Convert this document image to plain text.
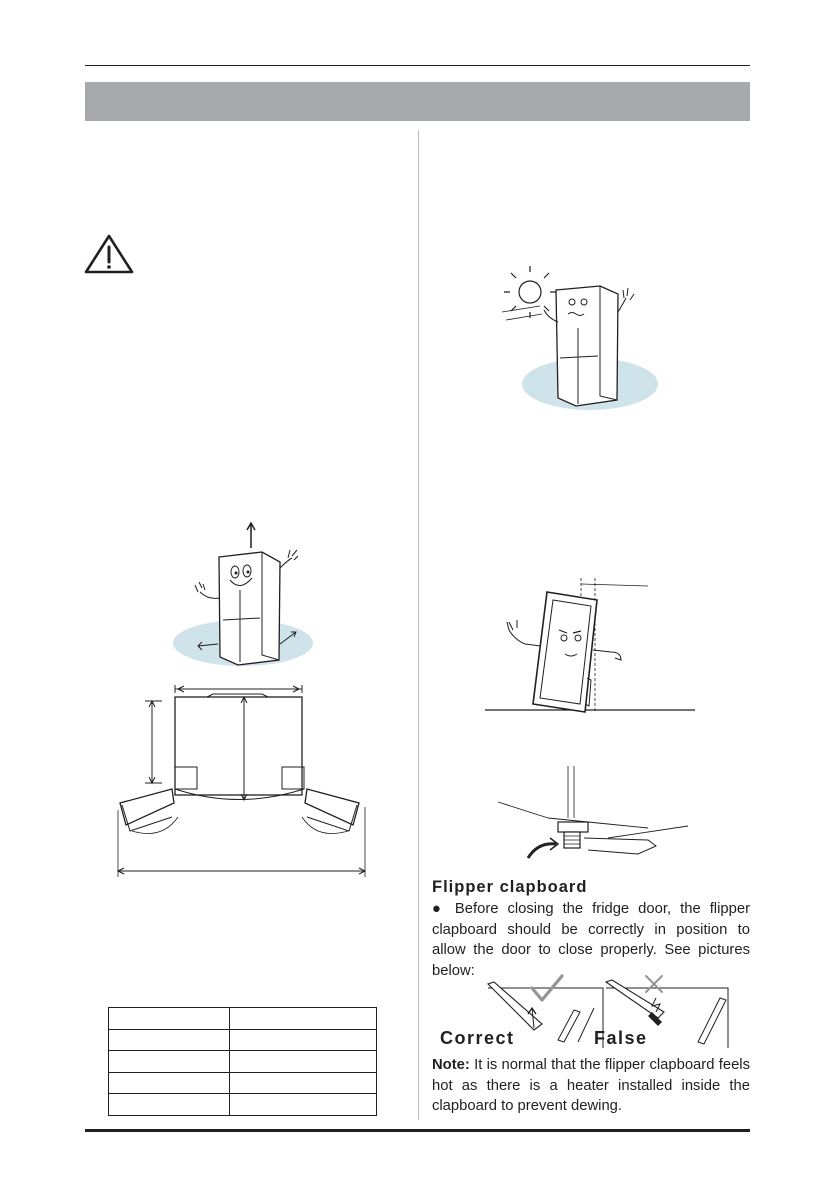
Flipper clapboard
● Before closing the fridge door, the flipper clapboard should be correctly in position to allow the door to close properly. See pictures below:
Correct	False
Note: It is normal that the flipper clapboard feels hot as there is a heater installed inside the clapboard to prevent dewing.
